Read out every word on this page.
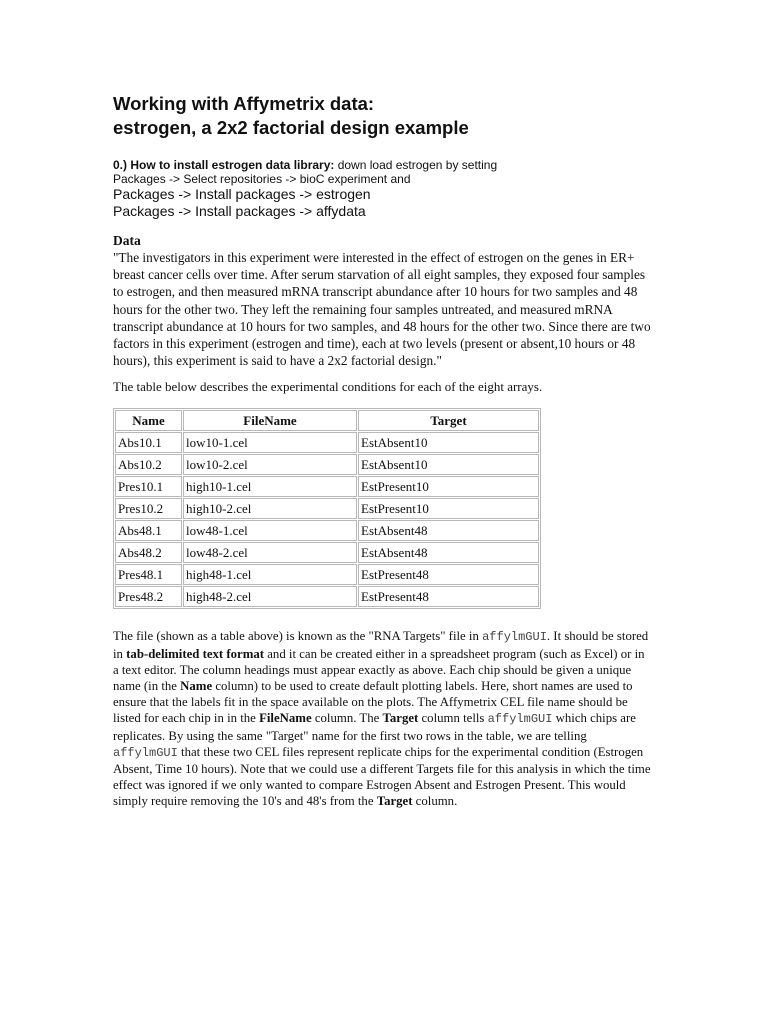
Working with Affymetrix data:
estrogen, a 2x2 factorial design example
0.) How to install estrogen data library: down load estrogen by setting
Packages -> Select repositories -> bioC experiment and
Packages -> Install packages -> estrogen
Packages -> Install packages -> affydata
Data
"The investigators in this experiment were interested in the effect of estrogen on the genes in ER+ breast cancer cells over time. After serum starvation of all eight samples, they exposed four samples to estrogen, and then measured mRNA transcript abundance after 10 hours for two samples and 48 hours for the other two. They left the remaining four samples untreated, and measured mRNA transcript abundance at 10 hours for two samples, and 48 hours for the other two. Since there are two factors in this experiment (estrogen and time), each at two levels (present or absent,10 hours or 48 hours), this experiment is said to have a 2x2 factorial design."
The table below describes the experimental conditions for each of the eight arrays.
Name	FileName	Target
Abs10.1	low10-1.cel	EstAbsent10
Abs10.2	low10-2.cel	EstAbsent10
Pres10.1	high10-1.cel	EstPresent10
Pres10.2	high10-2.cel	EstPresent10
Abs48.1	low48-1.cel	EstAbsent48
Abs48.2	low48-2.cel	EstAbsent48
Pres48.1	high48-1.cel	EstPresent48
Pres48.2	high48-2.cel	EstPresent48
The file (shown as a table above) is known as the "RNA Targets" file in affylmGUI. It should be stored in tab-delimited text format and it can be created either in a spreadsheet program (such as Excel) or in a text editor. The column headings must appear exactly as above. Each chip should be given a unique name (in the Name column) to be used to create default plotting labels. Here, short names are used to ensure that the labels fit in the space available on the plots. The Affymetrix CEL file name should be listed for each chip in in the FileName column. The Target column tells affylmGUI which chips are replicates. By using the same "Target" name for the first two rows in the table, we are telling affylmGUI that these two CEL files represent replicate chips for the experimental condition (Estrogen Absent, Time 10 hours). Note that we could use a different Targets file for this analysis in which the time effect was ignored if we only wanted to compare Estrogen Absent and Estrogen Present. This would simply require removing the 10's and 48's from the Target column.
